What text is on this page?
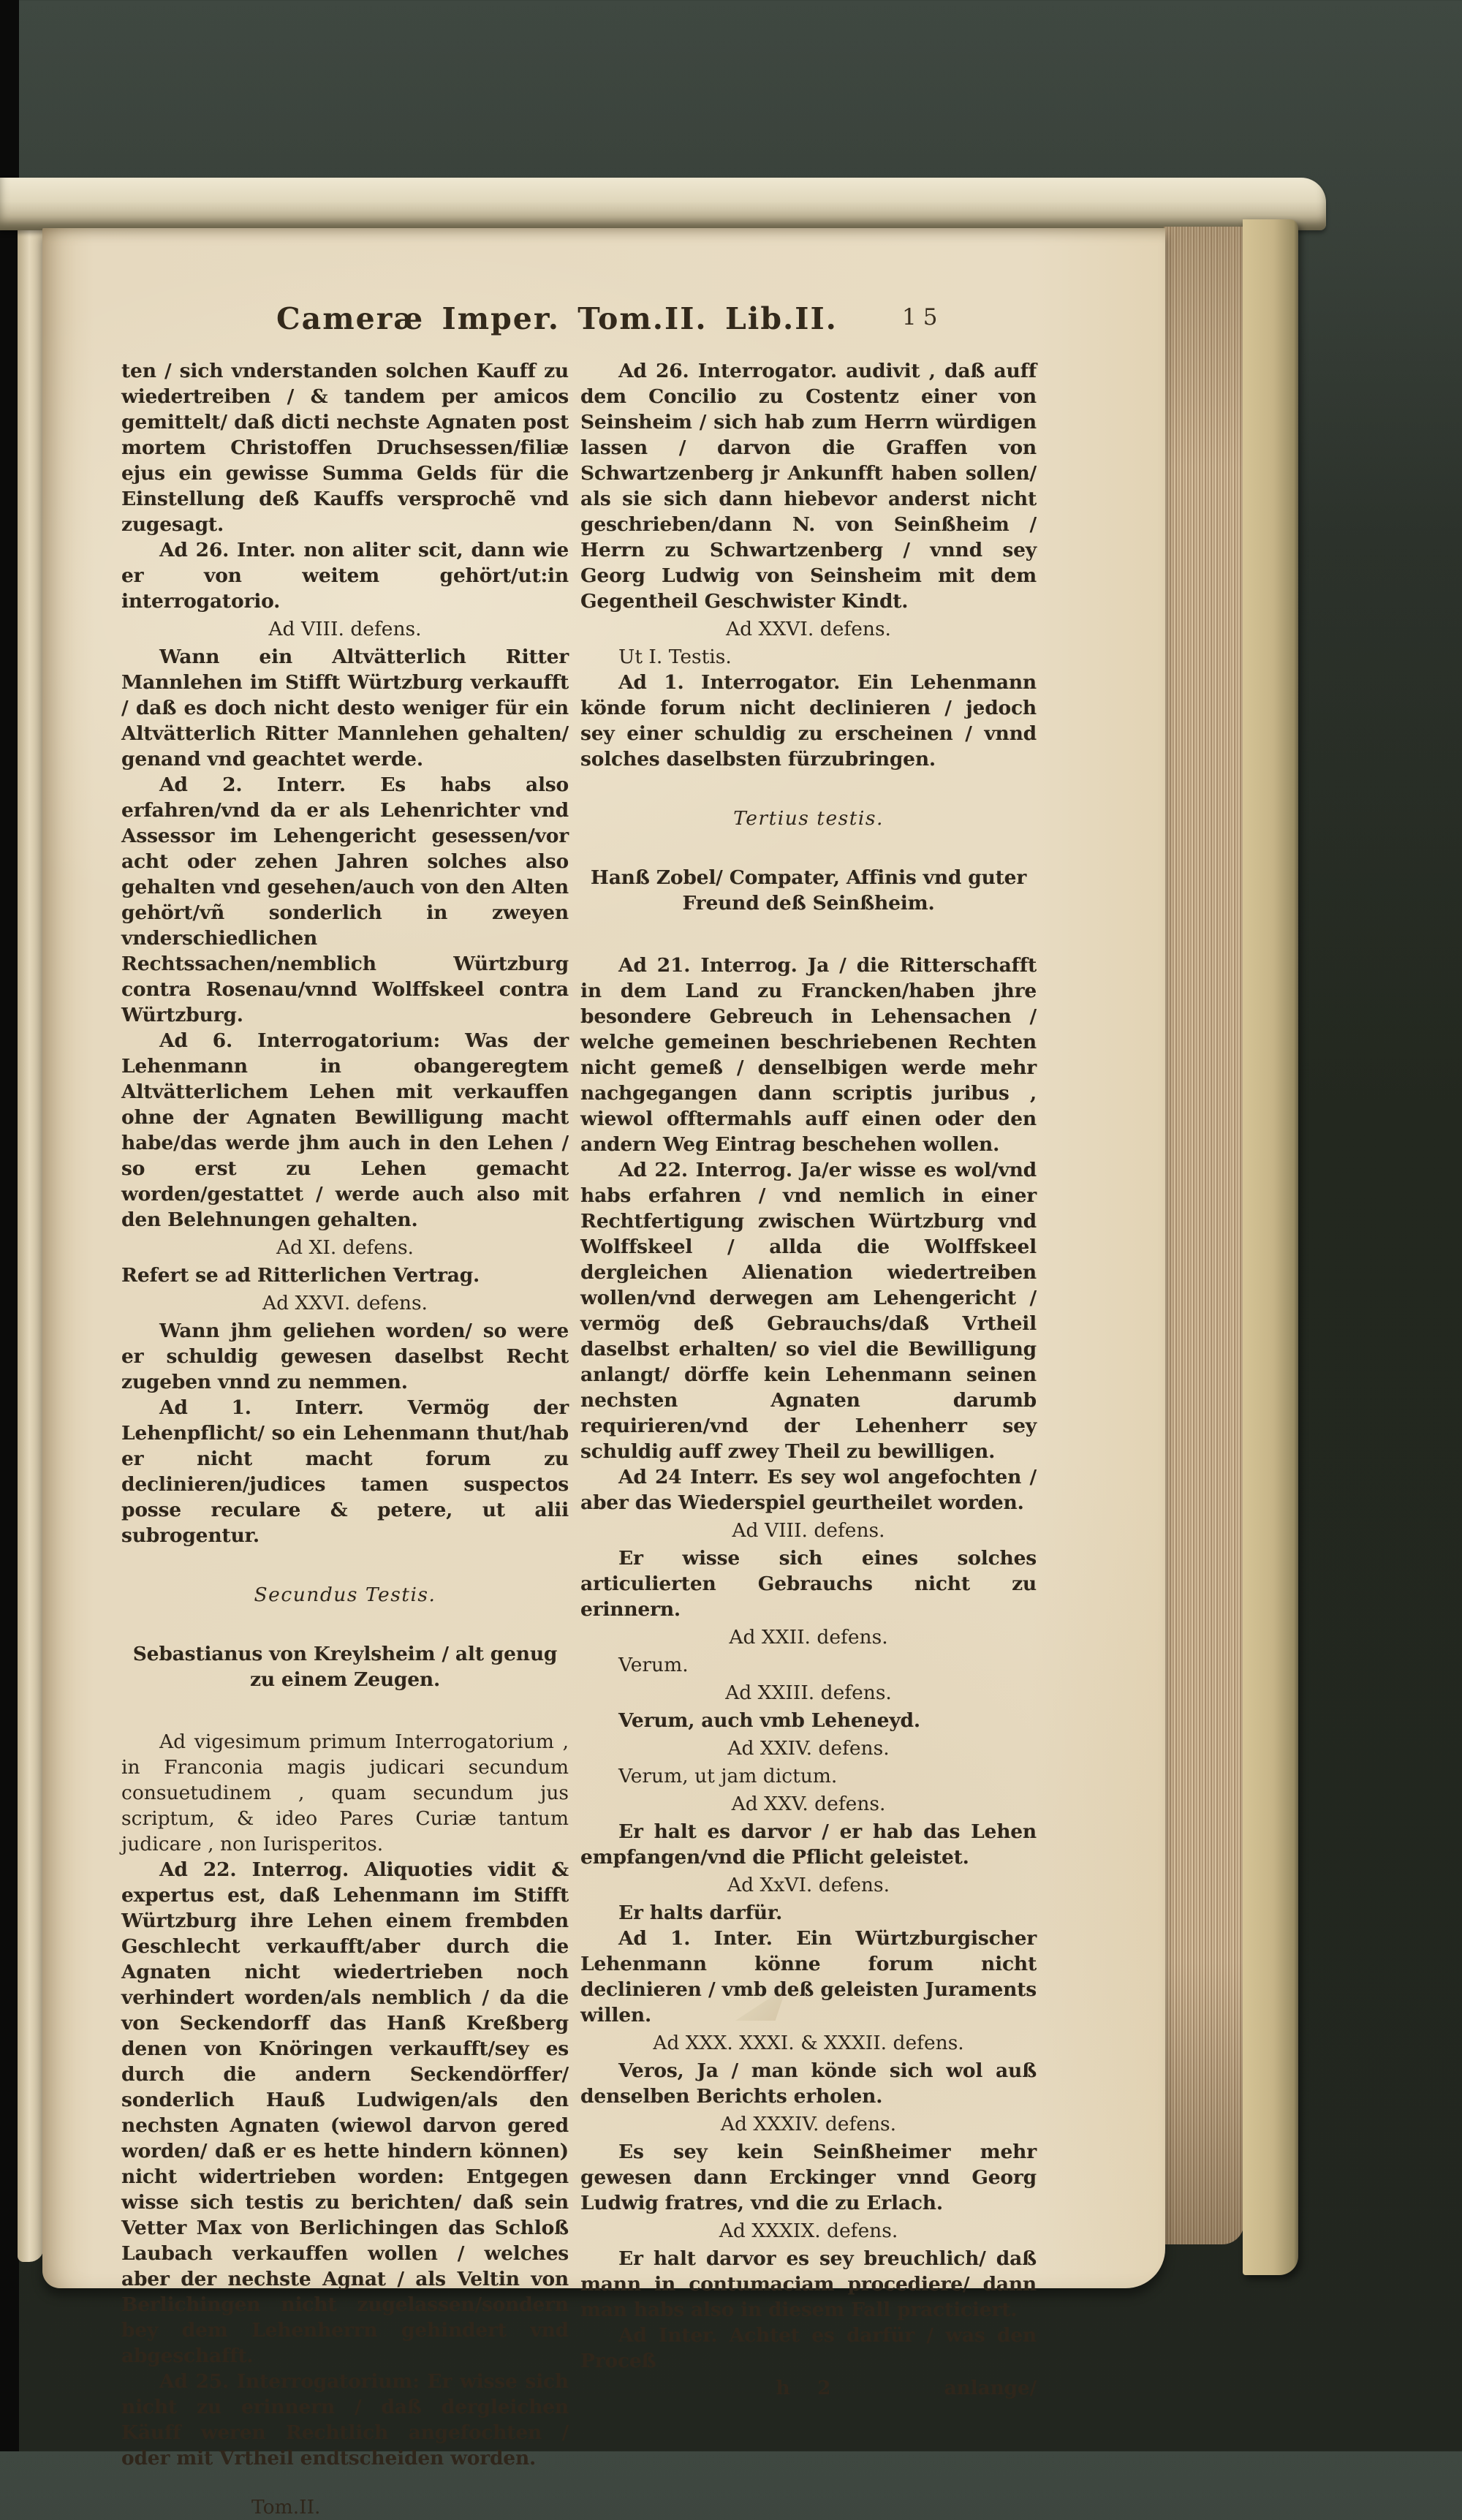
Cameræ Imper. Tom.II. Lib.II.	15

ten / sich vnderstanden solchen Kauff zu wiedertreiben / & tandem per amicos gemittelt/ daß dicti nechste Agnaten post mortem Christoffen Druchsessen/filiæ ejus ein gewisse Summa Gelds für die Einstellung deß Kauffs versprochẽ vnd zugesagt.

Ad 26. Inter. non aliter scit, dann wie er von weitem gehört/ut:in interrogatorio.

Ad VIII. defens.

Wann ein Altvätterlich Ritter Mannlehen im Stifft Würtzburg verkaufft / daß es doch nicht desto weniger für ein Altvätterlich Ritter Mannlehen gehalten/ genand vnd geachtet werde.

Ad 2. Interr. Es habs also erfahren/vnd da er als Lehenrichter vnd Assessor im Lehengericht gesessen/vor acht oder zehen Jahren solches also gehalten vnd gesehen/auch von den Alten gehört/vñ sonderlich in zweyen vnderschiedlichen Rechtssachen/nemblich Würtzburg contra Rosenau/vnnd Wolffskeel contra Würtzburg.

Ad 6. Interrogatorium: Was der Lehenmann in obangeregtem Altvätterlichem Lehen mit verkauffen ohne der Agnaten Bewilligung macht habe/das werde jhm auch in den Lehen / so erst zu Lehen gemacht worden/gestattet / werde auch also mit den Belehnungen gehalten.

Ad XI. defens.

Refert se ad Ritterlichen Vertrag.

Ad XXVI. defens.

Wann jhm geliehen worden/ so were er schuldig gewesen daselbst Recht zugeben vnnd zu nemmen.

Ad 1. Interr. Vermög der Lehenpflicht/ so ein Lehenmann thut/hab er nicht macht forum zu declinieren/judices tamen suspectos posse reculare & petere, ut alii subrogentur.

Secundus Testis.

Sebastianus von Kreylsheim / alt genug zu einem Zeugen.

Ad vigesimum primum Interrogatorium , in Franconia magis judicari secundum consuetudinem , quam secundum jus scriptum, & ideo Pares Curiæ tantum judicare , non Iurisperitos.

Ad 22. Interrog. Aliquoties vidit & expertus est, daß Lehenmann im Stifft Würtzburg ihre Lehen einem frembden Geschlecht verkaufft/aber durch die Agnaten nicht wiedertrieben noch verhindert worden/als nemblich / da die von Seckendorff das Hanß Kreßberg denen von Knöringen verkaufft/sey es durch die andern Seckendörffer/ sonderlich Hauß Ludwigen/als den nechsten Agnaten (wiewol darvon gered worden/ daß er es hette hindern können) nicht widertrieben worden: Entgegen wisse sich testis zu berichten/ daß sein Vetter Max von Berlichingen das Schloß Laubach verkauffen wollen / welches aber der nechste Agnat / als Veltin von Berlichingen nicht zugelassen/sondern bey dem Lehenherrn gehindert vnd abgeschafft.

Ad 25. Interrogatorium: Er wisse sich nicht zu erinnern / daß dergleichen Käuff weren Rechtlich angefochten / oder mit Vrtheil endtscheiden worden.

Tom.II.

Ad 26. Interrogator. audivit , daß auff dem Concilio zu Costentz einer von Seinsheim / sich hab zum Herrn würdigen lassen / darvon die Graffen von Schwartzenberg jr Ankunfft haben sollen/ als sie sich dann hiebevor anderst nicht geschrieben/dann N. von Seinßheim / Herrn zu Schwartzenberg / vnnd sey Georg Ludwig von Seinsheim mit dem Gegentheil Geschwister Kindt.

Ad XXVI. defens.

Ut I. Testis.

Ad 1. Interrogator. Ein Lehenmann könde forum nicht declinieren / jedoch sey einer schuldig zu erscheinen / vnnd solches daselbsten fürzubringen.

Tertius testis.

Hanß Zobel/ Compater, Affinis vnd guter Freund deß Seinßheim.

Ad 21. Interrog. Ja / die Ritterschafft in dem Land zu Francken/haben jhre besondere Gebreuch in Lehensachen / welche gemeinen beschriebenen Rechten nicht gemeß / denselbigen werde mehr nachgegangen dann scriptis juribus , wiewol offtermahls auff einen oder den andern Weg Eintrag beschehen wollen.

Ad 22. Interrog. Ja/er wisse es wol/vnd habs erfahren / vnd nemlich in einer Rechtfertigung zwischen Würtzburg vnd Wolffskeel / allda die Wolffskeel dergleichen Alienation wiedertreiben wollen/vnd derwegen am Lehengericht / vermög deß Gebrauchs/daß Vrtheil daselbst erhalten/ so viel die Bewilligung anlangt/ dörffe kein Lehenmann seinen nechsten Agnaten darumb requirieren/vnd der Lehenherr sey schuldig auff zwey Theil zu bewilligen.

Ad 24 Interr. Es sey wol angefochten / aber das Wiederspiel geurtheilet worden.

Ad VIII. defens.

Er wisse sich eines solches articulierten Gebrauchs nicht zu erinnern.

Ad XXII. defens.

Verum.

Ad XXIII. defens.

Verum, auch vmb Leheneyd.

Ad XXIV. defens.

Verum, ut jam dictum.

Ad XXV. defens.

Er halt es darvor / er hab das Lehen empfangen/vnd die Pflicht geleistet.

Ad XxVI. defens.

Er halts darfür.

Ad 1. Inter. Ein Würtzburgischer Lehenmann könne forum nicht declinieren / vmb deß geleisten Juraments willen.

Ad XXX. XXXI. & XXXII. defens.

Veros, Ja / man könde sich wol auß denselben Berichts erholen.

Ad XXXIV. defens.

Es sey kein Seinßheimer mehr gewesen dann Erckinger vnnd Georg Ludwig fratres, vnd die zu Erlach.

Ad XXXIX. defens.

Er halt darvor es sey breuchlich/ daß mann in contumaciam procediere/ dann man habs also in diesem Fall practiciert.

Ad Inter. Achtet es darfür / was den Proceß

h 2	anlange/
